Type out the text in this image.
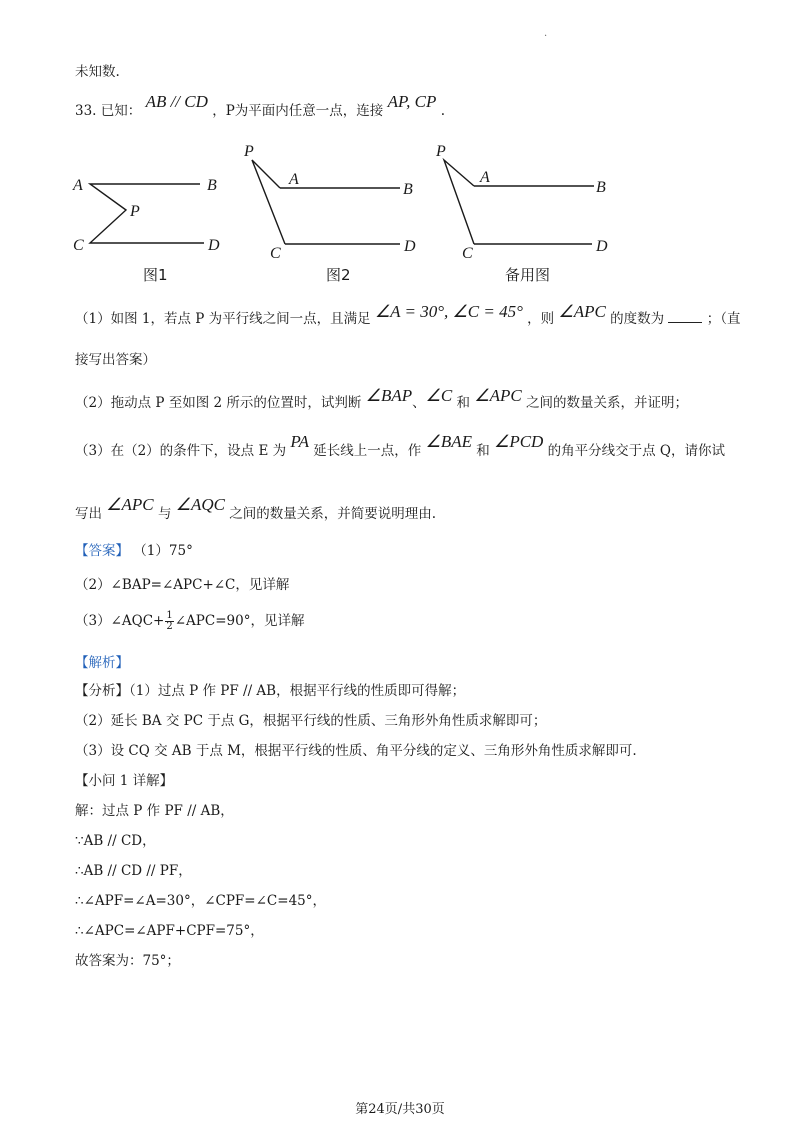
.
未知数.
33. 已知： AB // CD ，P为平面内任意一点，连接 AP, CP .
A	B
P
C	D
图1
P
A
B
C	D
图2
P
A
B
C	D
备用图
（1）如图 1，若点 P 为平行线之间一点，且满足 ∠A = 30°, ∠C = 45° ，则 ∠APC 的度数为	；（直
接写出答案）
（2）拖动点 P 至如图 2 所示的位置时，试判断 ∠BAP、∠C 和 ∠APC 之间的数量关系，并证明；
（3）在（2）的条件下，设点 E 为 PA 延长线上一点，作 ∠BAE 和 ∠PCD 的角平分线交于点 Q，请你试
写出 ∠APC 与 ∠AQC 之间的数量关系，并简要说明理由.
【答案】 （1）75°
（2）∠BAP=∠APC+∠C，见详解
（3）∠AQC+ $\frac{1}{2}$ ∠APC=90°，见详解
【解析】
【分析】（1）过点 P 作 PF // AB，根据平行线的性质即可得解；
（2）延长 BA 交 PC 于点 G，根据平行线的性质、三角形外角性质求解即可；
（3）设 CQ 交 AB 于点 M，根据平行线的性质、角平分线的定义、三角形外角性质求解即可.
【小问 1 详解】
解：过点 P 作 PF // AB，
∵AB // CD，
∴AB // CD // PF，
∴∠APF=∠A=30°，∠CPF=∠C=45°，
∴∠APC=∠APF+CPF=75°，
故答案为：75°；
第24页/共30页
